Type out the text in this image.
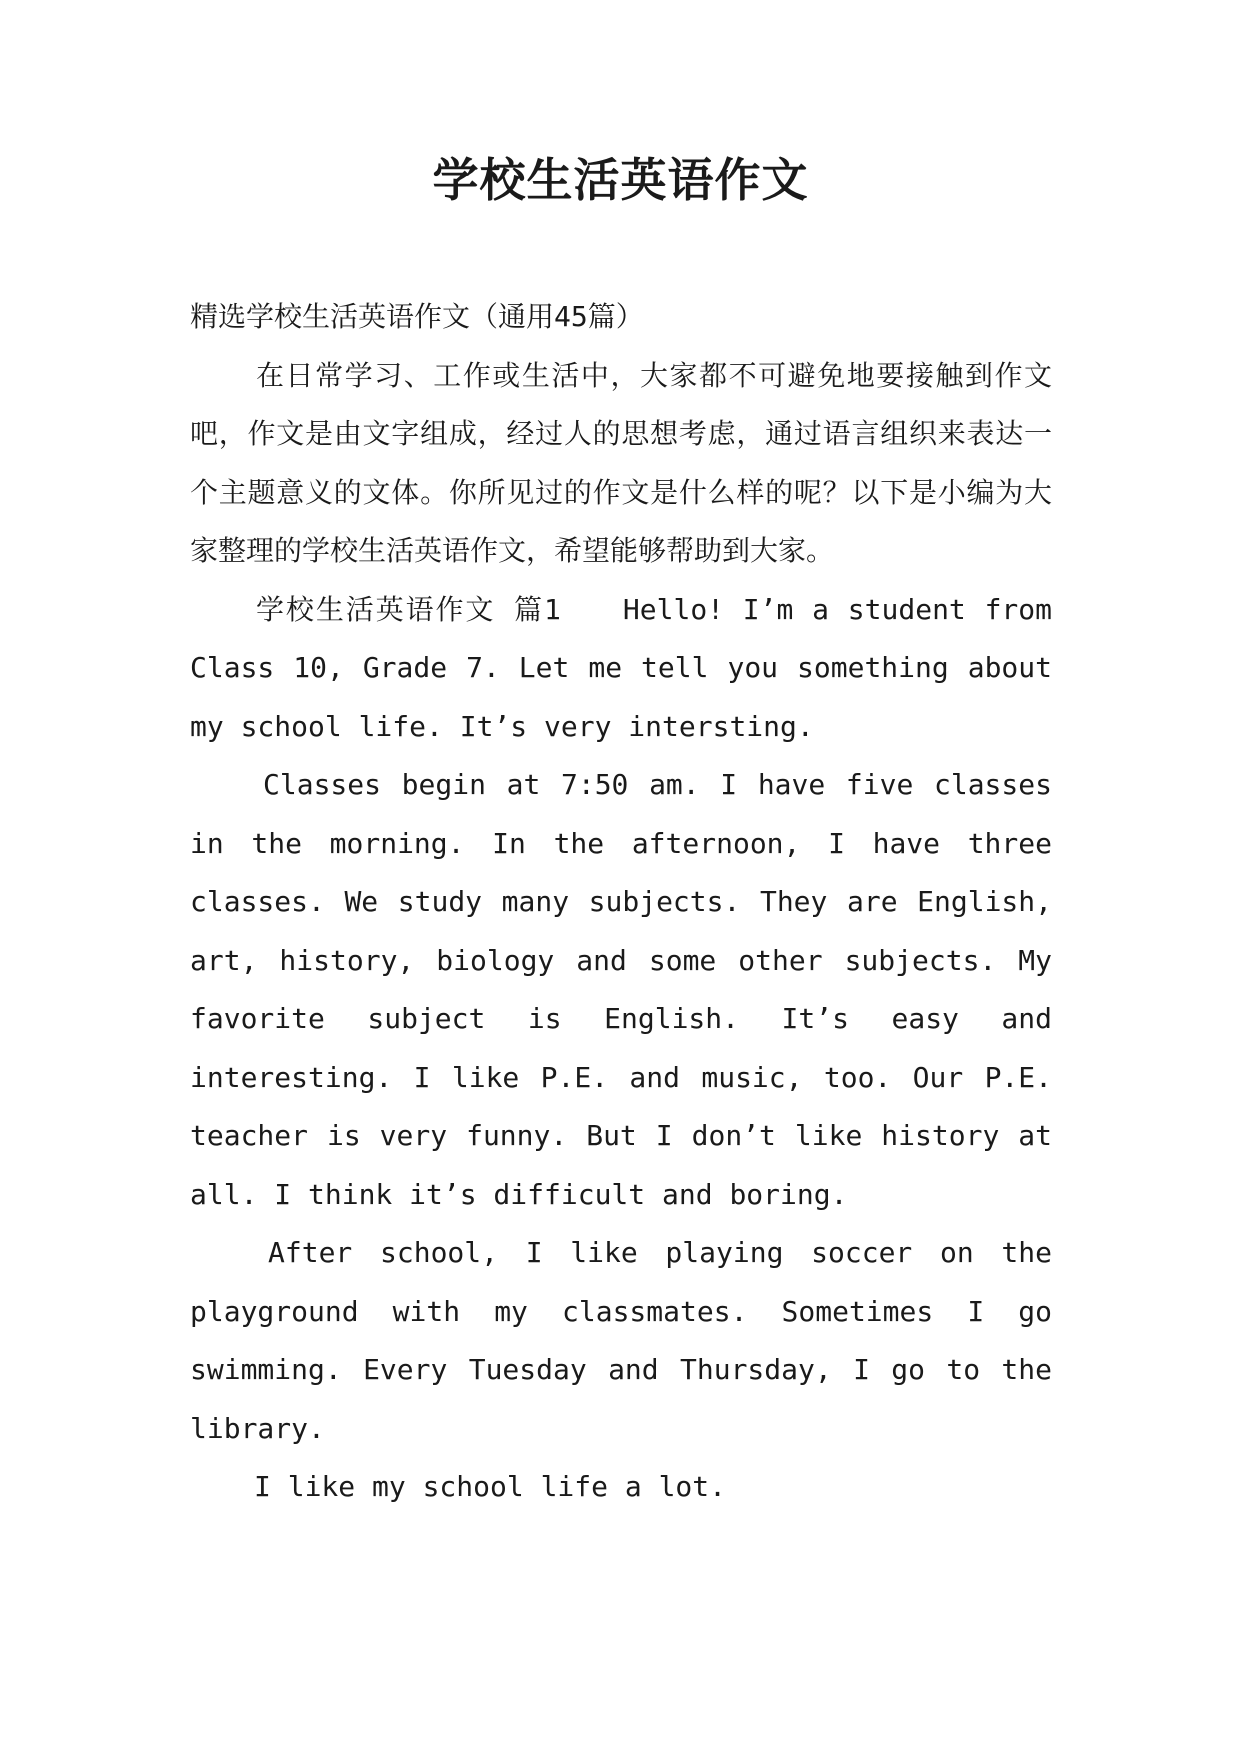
学校生活英语作文

精选学校生活英语作文（通用45篇）

在日常学习、工作或生活中，大家都不可避免地要接触到作文吧，作文是由文字组成，经过人的思想考虑，通过语言组织来表达一个主题意义的文体。你所见过的作文是什么样的呢？以下是小编为大家整理的学校生活英语作文，希望能够帮助到大家。

学校生活英语作文 篇1 Hello! I’m a student from Class 10, Grade 7. Let me tell you something about my school life. It’s very intersting.

Classes begin at 7:50 am. I have five classes in the morning. In the afternoon, I have three classes. We study many subjects. They are English, art, history, biology and some other subjects. My favorite subject is English. It’s easy and interesting. I like P.E. and music, too. Our P.E. teacher is very funny. But I don’t like history at all. I think it’s difficult and boring.

After school, I like playing soccer on the playground with my classmates. Sometimes I go swimming. Every Tuesday and Thursday, I go to the library.

I like my school life a lot.
